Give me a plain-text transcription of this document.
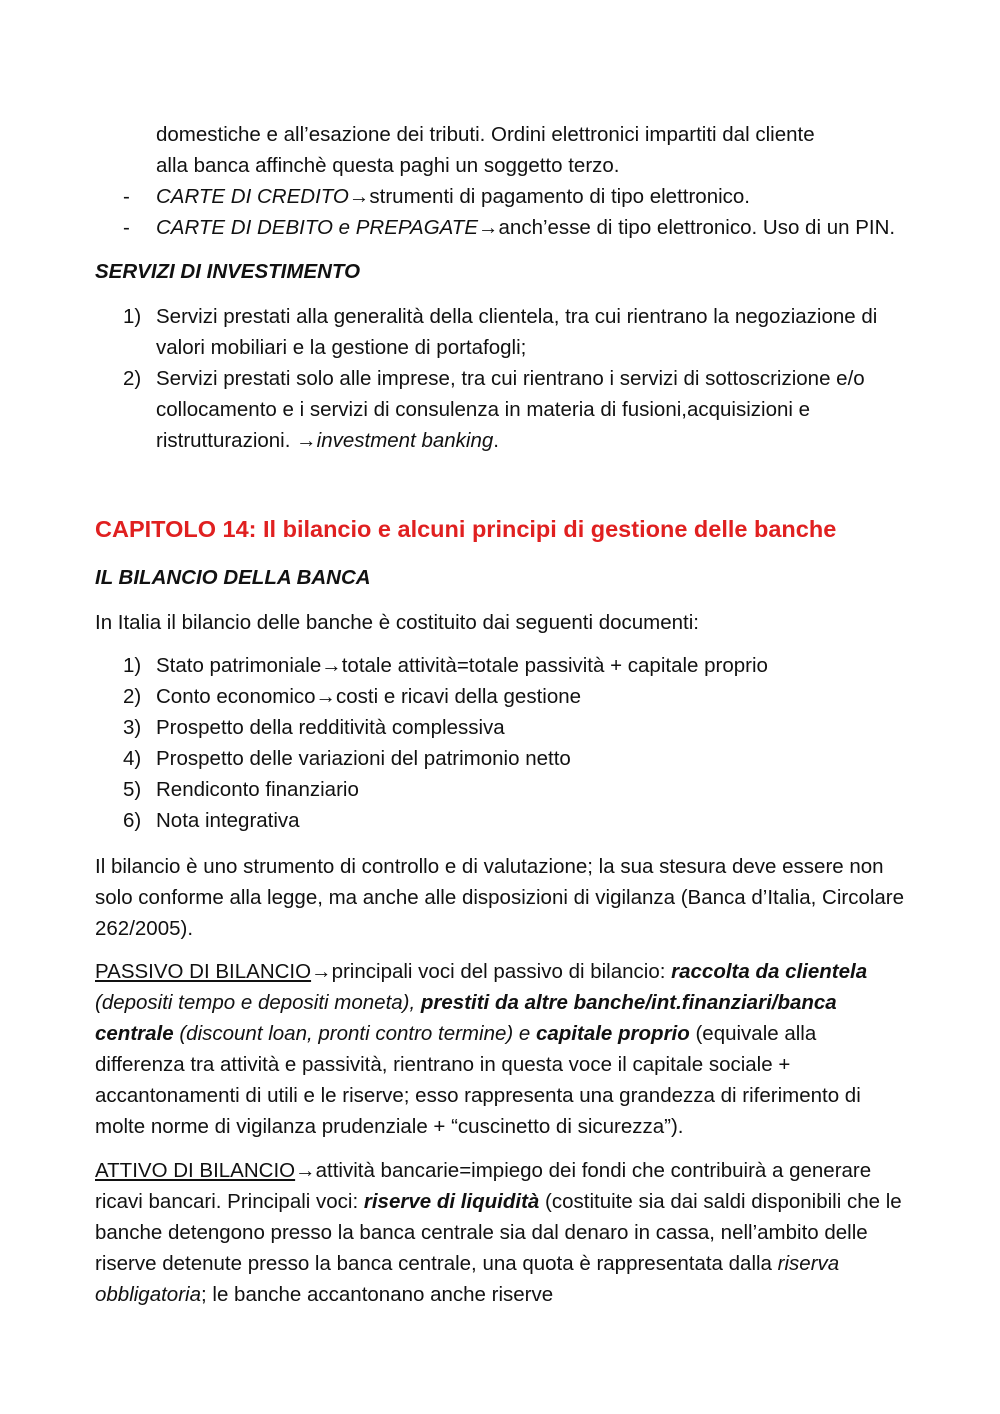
domestiche e all’esazione dei tributi. Ordini elettronici impartiti dal cliente

alla banca affinchè questa paghi un soggetto terzo.

-	CARTE DI CREDITO→strumenti di pagamento di tipo elettronico.
-	CARTE DI DEBITO e PREPAGATE→anch’esse di tipo elettronico. Uso di un PIN.

SERVIZI DI INVESTIMENTO

1) Servizi prestati alla generalità della clientela, tra cui rientrano la negoziazione di valori mobiliari e la gestione di portafogli;
2) Servizi prestati solo alle imprese, tra cui rientrano i servizi di sottoscrizione e/o collocamento e i servizi di consulenza in materia di fusioni,acquisizioni e ristrutturazioni. →investment banking.

CAPITOLO 14: Il bilancio e alcuni principi di gestione delle banche

IL BILANCIO DELLA BANCA

In Italia il bilancio delle banche è costituito dai seguenti documenti:

1) Stato patrimoniale→totale attività=totale passività + capitale proprio
2) Conto economico→costi e ricavi della gestione
3) Prospetto della redditività complessiva
4) Prospetto delle variazioni del patrimonio netto
5) Rendiconto finanziario
6) Nota integrativa

Il bilancio è uno strumento di controllo e di valutazione; la sua stesura deve essere non solo conforme alla legge, ma anche alle disposizioni di vigilanza (Banca d’Italia, Circolare 262/2005).

PASSIVO DI BILANCIO→principali voci del passivo di bilancio: raccolta da clientela (depositi tempo e depositi moneta), prestiti da altre banche/int.finanziari/banca centrale (discount loan, pronti contro termine) e capitale proprio (equivale alla differenza tra attività e passività, rientrano in questa voce il capitale sociale + accantonamenti di utili e le riserve; esso rappresenta una grandezza di riferimento di molte norme di vigilanza prudenziale + “cuscinetto di sicurezza”).

ATTIVO DI BILANCIO→attività bancarie=impiego dei fondi che contribuirà a generare ricavi bancari. Principali voci: riserve di liquidità (costituite sia dai saldi disponibili che le banche detengono presso la banca centrale sia dal denaro in cassa, nell’ambito delle riserve detenute presso la banca centrale, una quota è rappresentata dalla riserva obbligatoria; le banche accantonano anche riserve
